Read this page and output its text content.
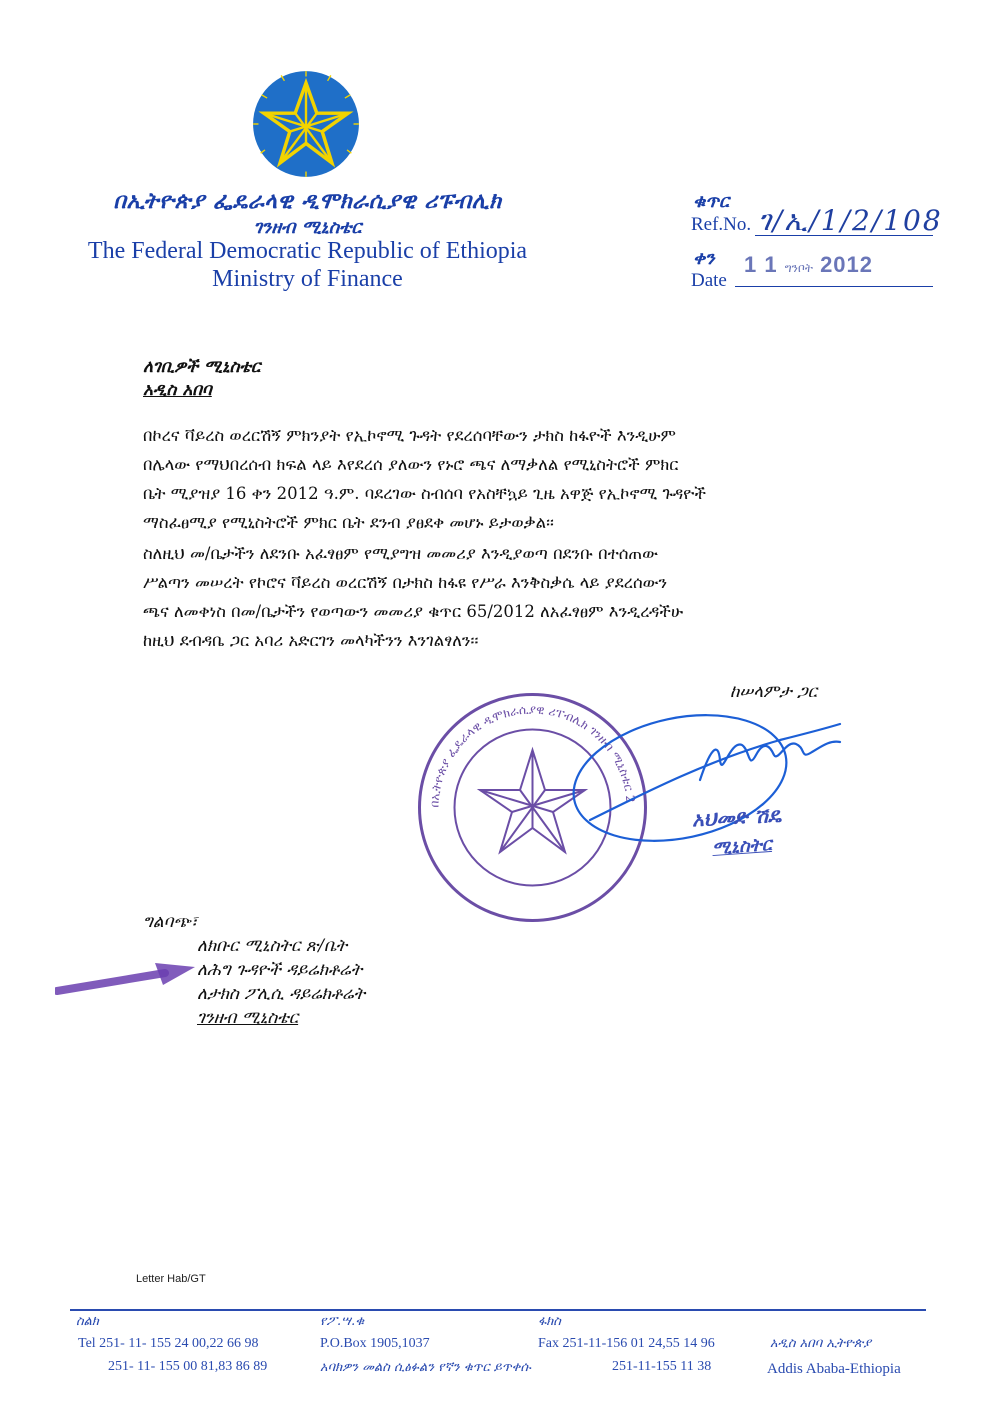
በኢትዮጵያ ፌዴራላዊ ዲሞክራሲያዊ ሪፑብሊክ
ገንዘብ ሚኒስቴር
The Federal Democratic Republic of Ethiopia
Ministry of Finance
ቁጥር
Ref.No. ገ/ኢ/1/2/108
ቀን
Date
1 1 ግንቦት 2012
ለገቢዎች ሚኒስቴር
አዲስ አበባ
በኮረና ቫይረስ ወረርሽኝ ምክንያት የኢኮኖሚ ጉዳት የደረሰባቸውን ታክስ ከፋዮች እንዲሁም
በሌላው የማህበረሰብ ክፍል ላይ እየደረሰ ያለውን የኑሮ ጫና ለማቃለል የሚኒስትሮች ምክር
ቤት ሚያዝያ 16 ቀን 2012 ዓ.ም. ባደረገው ስብሰባ የአስቸኳይ ጊዜ አዋጅ የኢኮኖሚ ጉዳዮች
ማስፈፀሚያ የሚኒስትሮች ምክር ቤት ደንብ ያፀደቀ መሆኑ ይታወቃል፡፡
ስለዚህ መ/ቤታችን ለደንቡ አፈፃፀም የሚያግዝ መመሪያ እንዲያወጣ በደንቡ በተሰጠው
ሥልጣን መሠረት የኮሮና ቫይረስ ወረርሽኝ በታክስ ከፋዩ የሥራ እንቅስቃሴ ላይ ያደረሰውን
ጫና ለመቀነስ በመ/ቤታችን የወጣውን መመሪያ ቁጥር 65/2012 ለአፈፃፀም እንዲረዳችሁ
ከዚህ ደብዳቤ ጋር አባሪ አድርገን መላካችንን እንገልፃለን፡፡
ከሠላምታ ጋር
በኢትዮጵያ ፌዴራላዊ ዲሞክራሲያዊ ሪፐብሊክ ገንዘብ ሚኒስቴር 2
አህመድ ሽዴ
ሚኒስትር
ግልባጭ፣
ለክቡር ሚኒስትር ጽ/ቤት
ለሕግ ጉዳዮች ዳይሬክቶሬት
ለታክስ ፖሊሲ ዳይሬክቶሬት
ገንዘብ ሚኒስቴር
Letter Hab/GT
ስልክ	የፖ.ሣ.ቁ	ፋክስ
Tel 251- 11- 155 24 00,22 66 98	P.O.Box 1905,1037	Fax 251-11-156 01 24,55 14 96	አዲስ አበባ ኢትዮጵያ
251- 11- 155 00 81,83 86 89	አባክዎን መልስ ሲፅፉልን የኛን ቁጥር ይጥቀሱ	251-11-155 11 38	Addis Ababa-Ethiopia
